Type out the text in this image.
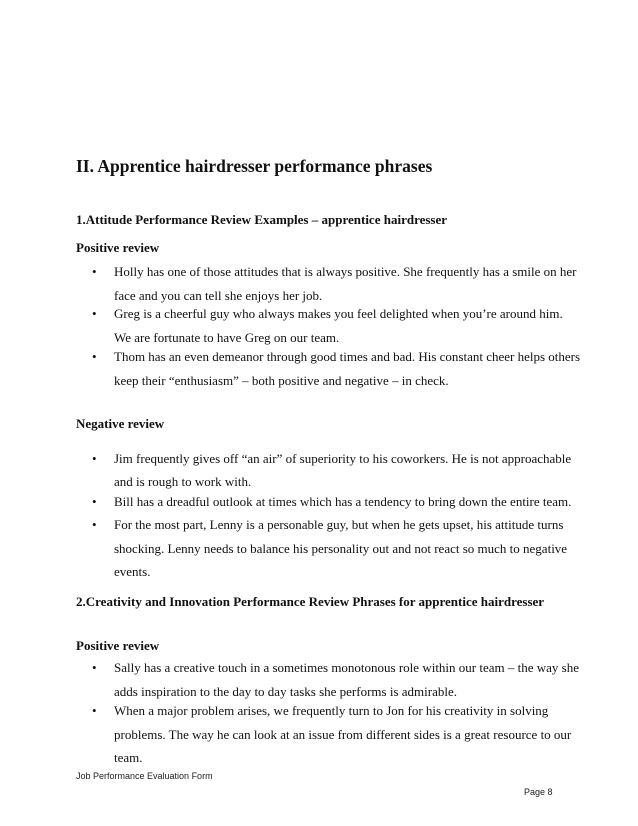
II. Apprentice hairdresser performance phrases
1.Attitude Performance Review Examples – apprentice hairdresser
Positive review
• Holly has one of those attitudes that is always positive. She frequently has a smile on her
face and you can tell she enjoys her job.
• Greg is a cheerful guy who always makes you feel delighted when you’re around him.
We are fortunate to have Greg on our team.
• Thom has an even demeanor through good times and bad. His constant cheer helps others
keep their “enthusiasm” – both positive and negative – in check.
Negative review
• Jim frequently gives off “an air” of superiority to his coworkers. He is not approachable
and is rough to work with.
• Bill has a dreadful outlook at times which has a tendency to bring down the entire team.
• For the most part, Lenny is a personable guy, but when he gets upset, his attitude turns
shocking. Lenny needs to balance his personality out and not react so much to negative
events.
2.Creativity and Innovation Performance Review Phrases for apprentice hairdresser
Positive review
• Sally has a creative touch in a sometimes monotonous role within our team – the way she
adds inspiration to the day to day tasks she performs is admirable.
• When a major problem arises, we frequently turn to Jon for his creativity in solving
problems. The way he can look at an issue from different sides is a great resource to our
team.
Job Performance Evaluation Form
Page 8
